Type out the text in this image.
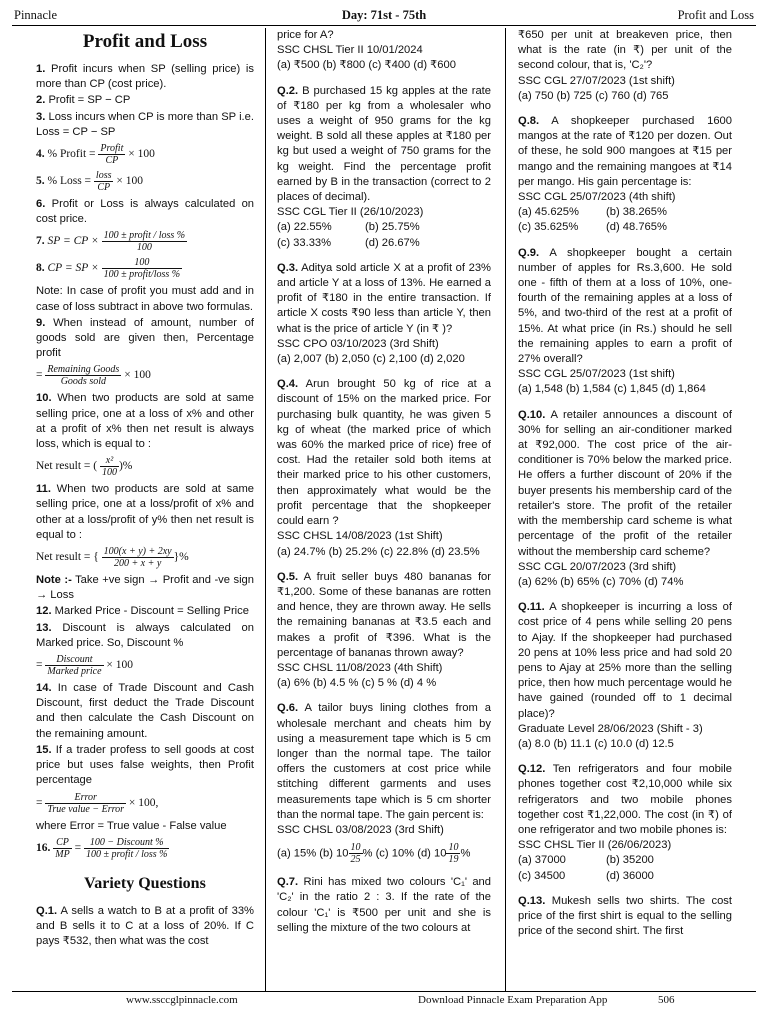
Pinnacle	Day: 71st - 75th	Profit and Loss
Profit and Loss
1. Profit incurs when SP (selling price) is more than CP (cost price).
2. Profit = SP − CP
3. Loss incurs when CP is more than SP i.e. Loss = CP − SP
4. % Profit = Profit
CP
× 100
5. % Loss = loss
CP
× 100
6. Profit or Loss is always calculated on cost price.
7. SP = CP × 100 ± profit / loss %
100
8. CP = SP ×	100
100 ± profit/loss %
Note: In case of profit you must add and in case of loss subtract in above two formulas.
9. When instead of amount, number of goods sold are given then, Percentage profit
= Remaining Goods
Goods sold
× 100
10. When two products are sold at same selling price, one at a loss of x% and other at a profit of x% then net result is always loss, which is equal to :
Net result = ( $\frac{\text{x²}}{100}$ )%
11. When two products are sold at same selling price, one at a loss/profit of x% and other at a loss/profit of y% then net result is equal to :
Net result = { $\frac{100(x + y) + 2xy}{200 + x + y}$ }%
Note :- Take +ve sign → Profit and -ve sign → Loss
12. Marked Price - Discount = Selling Price
13. Discount is always calculated on Marked price. So, Discount %
=	Discount
Marked price
× 100
14. In case of Trade Discount and Cash Discount, first deduct the Trade Discount and then calculate the Cash Discount on the remaining amount.
15. If a trader profess to sell goods at cost price but uses false weights, then Profit percentage
=	Error
True value − Error
× 100,
where Error = True value - False value
16. $\frac{CP}{MP} = 100$ − Discount %
100 ± profit / loss %
Variety Questions
Q.1. A sells a watch to B at a profit of 33% and B sells it to C at a loss of 20%. If C pays ₹532, then what was the cost
price for A?
SSC CHSL Tier II 10/01/2024
(a) ₹500 (b) ₹800 (c) ₹400 (d) ₹600
Q.2. B purchased 15 kg apples at the rate of ₹180 per kg from a wholesaler who uses a weight of 950 grams for the kg weight. B sold all these apples at ₹180 per kg but used a weight of 750 grams for the kg weight. Find the percentage profit earned by B in the transaction (correct to 2 places of decimal).
SSC CGL Tier II (26/10/2023)
(a) 22.55%	(b) 25.75%
(c) 33.33%	(d) 26.67%
Q.3. Aditya sold article X at a profit of 23% and article Y at a loss of 13%. He earned a profit of ₹180 in the entire transaction. If article X costs ₹90 less than article Y, then what is the price of article Y (in ₹ )?
SSC CPO 03/10/2023 (3rd Shift)
(a) 2,007 (b) 2,050 (c) 2,100 (d) 2,020
Q.4. Arun brought 50 kg of rice at a discount of 15% on the marked price. For purchasing bulk quantity, he was given 5 kg of wheat (the marked price of which was 60% the marked price of rice) free of cost. Had the retailer sold both items at their marked price to his other customers, then approximately what would be the profit percentage that the shopkeeper could earn ?
SSC CHSL 14/08/2023 (1st Shift)
(a) 24.7% (b) 25.2% (c) 22.8% (d) 23.5%
Q.5. A fruit seller buys 480 bananas for ₹1,200. Some of these bananas are rotten and hence, they are thrown away. He sells the remaining bananas at ₹3.5 each and makes a profit of ₹396. What is the percentage of bananas thrown away?
SSC CHSL 11/08/2023 (4th Shift)
(a) 6% (b) 4.5 % (c) 5 % (d) 4 %
Q.6. A tailor buys lining clothes from a wholesale merchant and cheats him by using a measurement tape which is 5 cm longer than the normal tape. The tailor offers the customers at cost price while stitching different garments and uses measurements tape which is 5 cm shorter than the normal tape. The gain percent is:
SSC CHSL 03/08/2023 (3rd Shift)
(a) 15% (b) $10 \frac{10}{25}$ % (c) 10% (d) $10 \frac{10}{19}$ %
Q.7. Rini has mixed two colours 'C₁' and 'C₂' in the ratio 2 : 3. If the rate of the colour 'C₁' is ₹500 per unit and she is selling the mixture of the two colours at
₹650 per unit at breakeven price, then what is the rate (in ₹) per unit of the second colour, that is, 'C₂'?
SSC CGL 27/07/2023 (1st shift)
(a) 750 (b) 725 (c) 760 (d) 765
Q.8. A shopkeeper purchased 1600 mangos at the rate of ₹120 per dozen. Out of these, he sold 900 mangoes at ₹15 per mango and the remaining mangoes at ₹14 per mango. His gain percentage is:
SSC CGL 25/07/2023 (4th shift)
(a) 45.625%	(b) 38.265%
(c) 35.625%	(d) 48.765%
Q.9. A shopkeeper bought a certain number of apples for Rs.3,600. He sold one - fifth of them at a loss of 10%, one-fourth of the remaining apples at a loss of 5%, and two-third of the rest at a profit of 15%. At what price (in Rs.) should he sell the remaining apples to earn a profit of 27% overall?
SSC CGL 25/07/2023 (1st shift)
(a) 1,548 (b) 1,584 (c) 1,845 (d) 1,864
Q.10. A retailer announces a discount of 30% for selling an air-conditioner marked at ₹92,000. The cost price of the air-conditioner is 70% below the marked price. He offers a further discount of 20% if the buyer presents his membership card of the retailer's store. The profit of the retailer with the membership card scheme is what percentage of the profit of the retailer without the membership card scheme?
SSC CGL 20/07/2023 (3rd shift)
(a) 62% (b) 65% (c) 70% (d) 74%
Q.11. A shopkeeper is incurring a loss of cost price of 4 pens while selling 20 pens to Ajay. If the shopkeeper had purchased 20 pens at 10% less price and had sold 20 pens to Ajay at 25% more than the selling price, then how much percentage would he have gained (rounded off to 1 decimal place)?
Graduate Level 28/06/2023 (Shift - 3)
(a) 8.0 (b) 11.1 (c) 10.0 (d) 12.5
Q.12. Ten refrigerators and four mobile phones together cost ₹2,10,000 while six refrigerators and two mobile phones together cost ₹1,22,000. The cost (in ₹) of one refrigerator and two mobile phones is:
SSC CHSL Tier II (26/06/2023)
(a) 37000	(b) 35200
(c) 34500	(d) 36000
Q.13. Mukesh sells two shirts. The cost price of the first shirt is equal to the selling price of the second shirt. The first
www.ssccglpinnacle.com	Download Pinnacle Exam Preparation App	506
